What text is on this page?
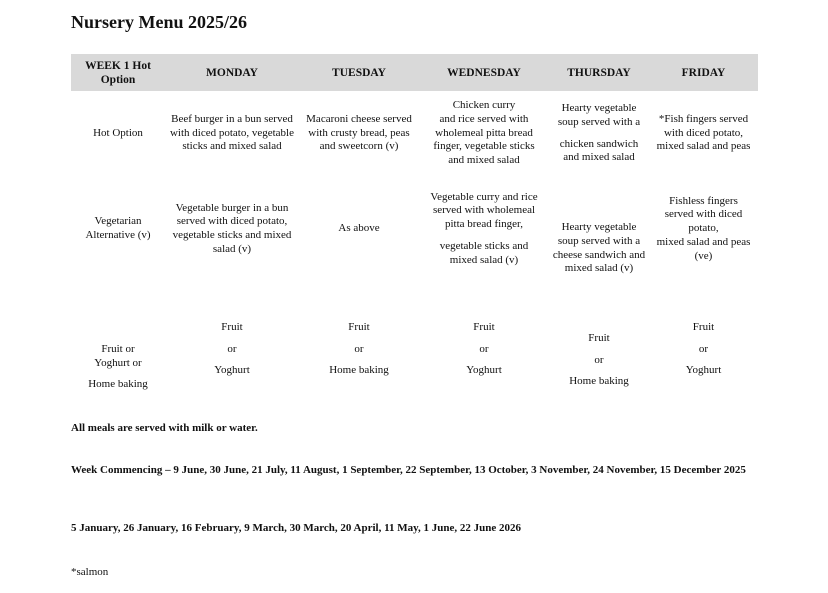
Nursery Menu 2025/26
WEEK 1 Hot Option	MONDAY	TUESDAY	WEDNESDAY	THURSDAY	FRIDAY
Hot Option	Beef burger in a bun served with diced potato, vegetable sticks and mixed salad	Macaroni cheese served with crusty bread, peas and sweetcorn (v)	Chicken curry
and rice served with
wholemeal pitta bread
finger, vegetable sticks
and mixed salad	Hearty vegetable
soup served with a
chicken sandwich
and mixed salad	*Fish fingers served with diced potato, mixed salad and peas
Vegetarian Alternative (v)	Vegetable burger in a bun served with diced potato, vegetable sticks and mixed salad (v)	As above	Vegetable curry and rice
served with wholemeal
pitta bread finger,
vegetable sticks and
mixed salad (v)	Hearty vegetable
soup served with a
cheese sandwich and
mixed salad (v)	Fishless fingers
served with diced
potato,
mixed salad and peas
(ve)

Fruit or
Yoghurt or
Home baking	Fruit
or
Yoghurt	Fruit
or
Home baking	Fruit
or
Yoghurt	Fruit
or
Home baking	Fruit
or
Yoghurt
All meals are served with milk or water.
Week Commencing – 9 June, 30 June, 21 July, 11 August, 1 September, 22 September, 13 October, 3 November, 24 November, 15 December 2025
5 January, 26 January, 16 February, 9 March, 30 March, 20 April, 11 May, 1 June, 22 June 2026
*salmon
